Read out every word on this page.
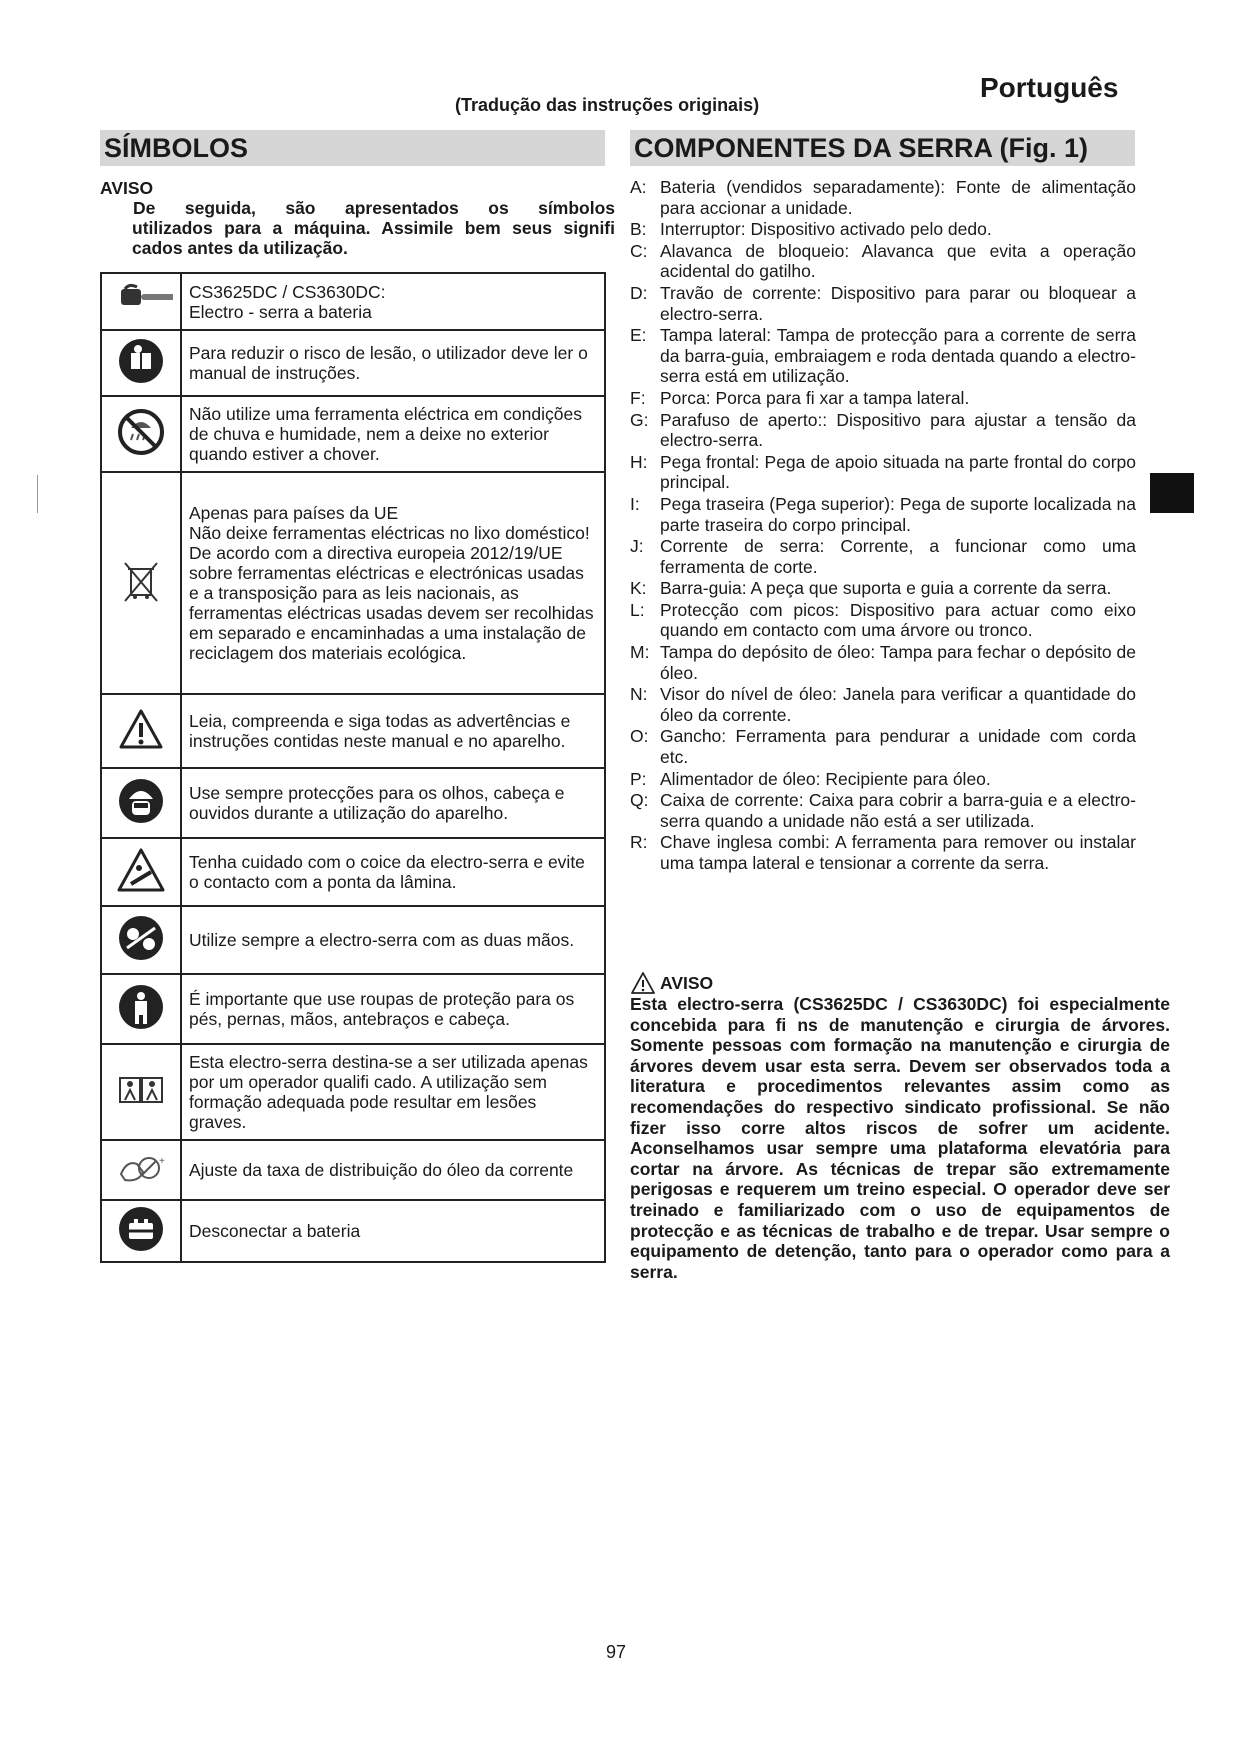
Português
(Tradução das instruções originais)
SÍMBOLOS	COMPONENTES DA SERRA (Fig. 1)
AVISO
De seguida, são apresentados os símbolos
utilizados para a máquina. Assimile bem seus signifi cados antes da utilização.
	CS3625DC / CS3630DC:
Electro - serra a bateria
	Para reduzir o risco de lesão, o utilizador deve ler o manual de instruções.
	Não utilize uma ferramenta eléctrica em condições de chuva e humidade, nem a deixe no exterior quando estiver a chover.
	Apenas para países da UE
Não deixe ferramentas eléctricas no lixo doméstico!
De acordo com a directiva europeia 2012/19/UE sobre ferramentas eléctricas e electrónicas usadas e a transposição para as leis nacionais, as ferramentas eléctricas usadas devem ser recolhidas em separado e encaminhadas a uma instalação de reciclagem dos materiais ecológica.
	Leia, compreenda e siga todas as advertências e instruções contidas neste manual e no aparelho.
	Use sempre protecções para os olhos, cabeça e ouvidos durante a utilização do aparelho.
	Tenha cuidado com o coice da electro-serra e evite o contacto com a ponta da lâmina.
	Utilize sempre a electro-serra com as duas mãos.
	É importante que use roupas de proteção para os pés, pernas, mãos, antebraços e cabeça.
	Esta electro-serra destina-se a ser utilizada apenas por um operador qualifi cado. A utilização sem formação adequada pode resultar em lesões graves.

+	Ajuste da taxa de distribuição do óleo da corrente
	Desconectar a bateria
A: Bateria (vendidos separadamente): Fonte de alimentação para accionar a unidade.
B: Interruptor: Dispositivo activado pelo dedo.
C: Alavanca de bloqueio: Alavanca que evita a operação acidental do gatilho.
D: Travão de corrente: Dispositivo para parar ou bloquear a electro-serra.
E: Tampa lateral: Tampa de protecção para a corrente de serra da barra-guia, embraiagem e roda dentada quando a electro-serra está em utilização.
F: Porca: Porca para fi xar a tampa lateral.
G: Parafuso de aperto:: Dispositivo para ajustar a tensão da electro-serra.
H: Pega frontal: Pega de apoio situada na parte frontal do corpo principal.
I:	Pega traseira (Pega superior): Pega de suporte localizada na parte traseira do corpo principal.
J: Corrente de serra: Corrente, a funcionar como uma ferramenta de corte.
K: Barra-guia: A peça que suporta e guia a corrente da serra.
L: Protecção com picos: Dispositivo para actuar como eixo quando em contacto com uma árvore ou tronco.
M: Tampa do depósito de óleo: Tampa para fechar o depósito de óleo.
N: Visor do nível de óleo: Janela para verificar a quantidade do óleo da corrente.
O: Gancho: Ferramenta para pendurar a unidade com corda etc.
P: Alimentador de óleo: Recipiente para óleo.
Q: Caixa de corrente: Caixa para cobrir a barra-guia e a electro-serra quando a unidade não está a ser utilizada.
R: Chave inglesa combi: A ferramenta para remover ou instalar uma tampa lateral e tensionar a corrente da serra.
AVISO
Esta electro-serra (CS3625DC / CS3630DC) foi especialmente concebida para fi ns de manutenção e cirurgia de árvores. Somente pessoas com formação na manutenção e cirurgia de árvores devem usar esta serra. Devem ser observados toda a literatura e procedimentos relevantes assim como as recomendações do respectivo sindicato profissional. Se não fizer isso corre altos riscos de sofrer um acidente. Aconselhamos usar sempre uma plataforma elevatória para cortar na árvore. As técnicas de trepar são extremamente perigosas e requerem um treino especial. O operador deve ser treinado e familiarizado com o uso de equipamentos de protecção e as técnicas de trabalho e de trepar. Usar sempre o equipamento de detenção, tanto para o operador como para a serra.
97
